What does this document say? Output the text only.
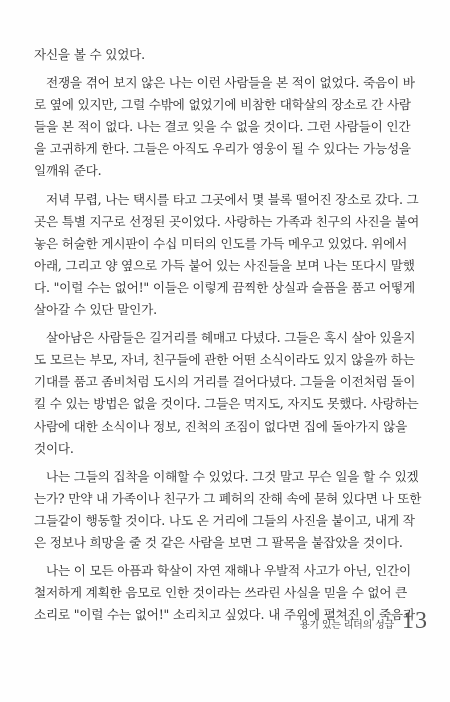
자신을 볼 수 있었다.
전쟁을 겪어 보지 않은 나는 이런 사람들을 본 적이 없었다. 죽음이 바
로 옆에 있지만, 그럴 수밖에 없었기에 비참한 대학살의 장소로 간 사람
들을 본 적이 없다. 나는 결코 잊을 수 없을 것이다. 그런 사람들이 인간
을 고귀하게 한다. 그들은 아직도 우리가 영웅이 될 수 있다는 가능성을
일깨워 준다.
저녁 무렵, 나는 택시를 타고 그곳에서 몇 블록 떨어진 장소로 갔다. 그
곳은 특별 지구로 선정된 곳이었다. 사랑하는 가족과 친구의 사진을 붙여
놓은 허술한 게시판이 수십 미터의 인도를 가득 메우고 있었다. 위에서
아래, 그리고 양 옆으로 가득 붙어 있는 사진들을 보며 나는 또다시 말했
다. "이럴 수는 없어!" 이들은 이렇게 끔찍한 상실과 슬픔을 품고 어떻게
살아갈 수 있단 말인가.
살아남은 사람들은 길거리를 헤매고 다녔다. 그들은 혹시 살아 있을지
도 모르는 부모, 자녀, 친구들에 관한 어떤 소식이라도 있지 않을까 하는
기대를 품고 좀비처럼 도시의 거리를 걸어다녔다. 그들을 이전처럼 돌이
킬 수 있는 방법은 없을 것이다. 그들은 먹지도, 자지도 못했다. 사랑하는
사람에 대한 소식이나 정보, 진척의 조짐이 없다면 집에 돌아가지 않을
것이다.
나는 그들의 집착을 이해할 수 있었다. 그것 말고 무슨 일을 할 수 있겠
는가? 만약 내 가족이나 친구가 그 폐허의 잔해 속에 묻혀 있다면 나 또한
그들같이 행동할 것이다. 나도 온 거리에 그들의 사진을 붙이고, 내게 작
은 정보나 희망을 줄 것 같은 사람을 보면 그 팔목을 붙잡았을 것이다.
나는 이 모든 아픔과 학살이 자연 재해나 우발적 사고가 아닌, 인간이
철저하게 계획한 음모로 인한 것이라는 쓰라린 사실을 믿을 수 없어 큰
소리로 "이럴 수는 없어!" 소리치고 싶었다. 내 주위에 펼쳐진 이 죽음과
용기 있는 리더의 성급 13
